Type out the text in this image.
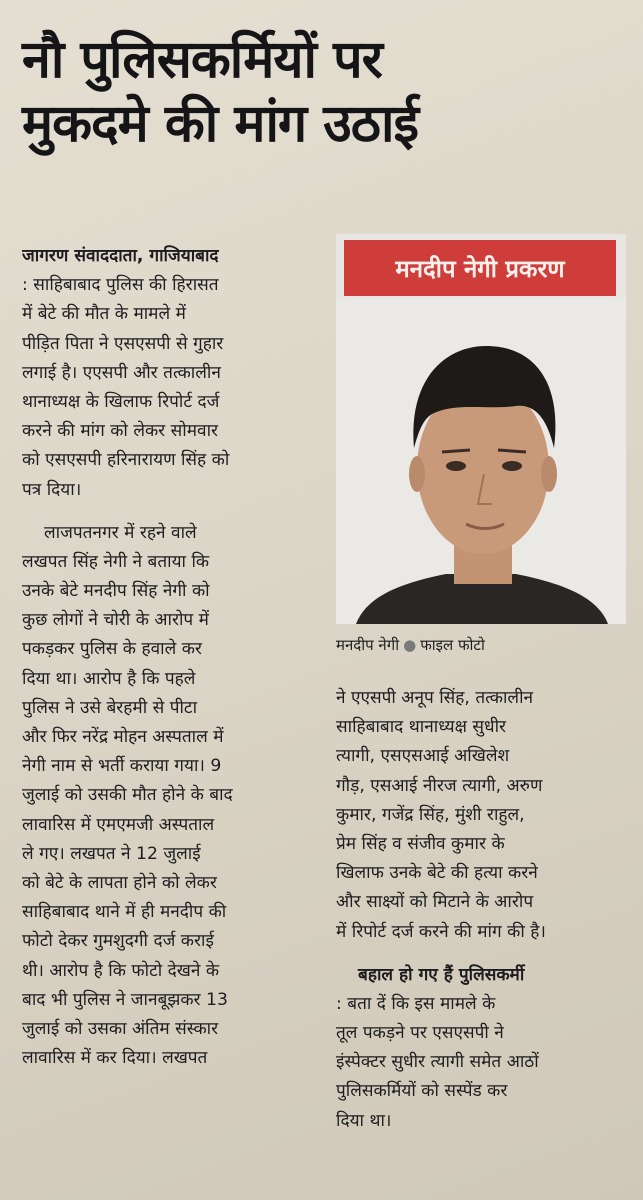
नौ पुलिसकर्मियों पर
मुकदमे की मांग उठाई
जागरण संवाददाता, गाजियाबाद
: साहिबाबाद पुलिस की हिरासत
में बेटे की मौत के मामले में
पीड़ित पिता ने एसएसपी से गुहार
लगाई है। एएसपी और तत्कालीन
थानाध्यक्ष के खिलाफ रिपोर्ट दर्ज
करने की मांग को लेकर सोमवार
को एसएसपी हरिनारायण सिंह को
पत्र दिया।
लाजपतनगर में रहने वाले
लखपत सिंह नेगी ने बताया कि
उनके बेटे मनदीप सिंह नेगी को
कुछ लोगों ने चोरी के आरोप में
पकड़कर पुलिस के हवाले कर
दिया था। आरोप है कि पहले
पुलिस ने उसे बेरहमी से पीटा
और फिर नरेंद्र मोहन अस्पताल में
नेगी नाम से भर्ती कराया गया। 9
जुलाई को उसकी मौत होने के बाद
लावारिस में एमएमजी अस्पताल
ले गए। लखपत ने 12 जुलाई
को बेटे के लापता होने को लेकर
साहिबाबाद थाने में ही मनदीप की
फोटो देकर गुमशुदगी दर्ज कराई
थी। आरोप है कि फोटो देखने के
बाद भी पुलिस ने जानबूझकर 13
जुलाई को उसका अंतिम संस्कार
लावारिस में कर दिया। लखपत
मनदीप नेगी प्रकरण
मनदीप नेगी ● फाइल फोटो
ने एएसपी अनूप सिंह, तत्कालीन
साहिबाबाद थानाध्यक्ष सुधीर
त्यागी, एसएसआई अखिलेश
गौड़, एसआई नीरज त्यागी, अरुण
कुमार, गजेंद्र सिंह, मुंशी राहुल,
प्रेम सिंह व संजीव कुमार के
खिलाफ उनके बेटे की हत्या करने
और साक्ष्यों को मिटाने के आरोप
में रिपोर्ट दर्ज करने की मांग की है।
बहाल हो गए हैं पुलिसकर्मी
: बता दें कि इस मामले के
तूल पकड़ने पर एसएसपी ने
इंस्पेक्टर सुधीर त्यागी समेत आठों
पुलिसकर्मियों को सस्पेंड कर
दिया था।
